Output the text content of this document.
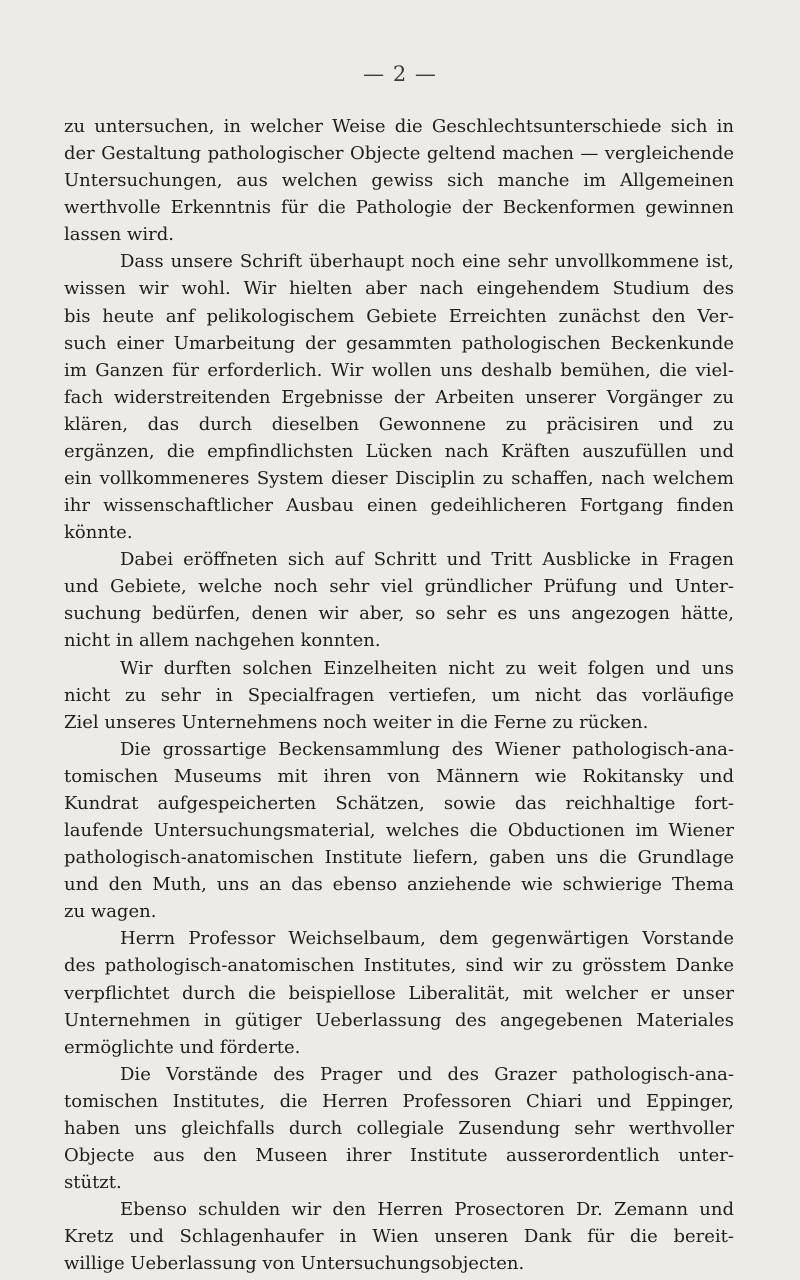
— 2 —
zu untersuchen, in welcher Weise die Geschlechtsunterschiede sich in
der Gestaltung pathologischer Objecte geltend machen — vergleichende
Untersuchungen, aus welchen gewiss sich manche im Allgemeinen
werthvolle Erkenntnis für die Pathologie der Beckenformen gewinnen
lassen wird.
Dass unsere Schrift überhaupt noch eine sehr unvollkommene ist,
wissen wir wohl. Wir hielten aber nach eingehendem Studium des
bis heute anf pelikologischem Gebiete Erreichten zunächst den Ver-
such einer Umarbeitung der gesammten pathologischen Beckenkunde
im Ganzen für erforderlich. Wir wollen uns deshalb bemühen, die viel-
fach widerstreitenden Ergebnisse der Arbeiten unserer Vorgänger zu
klären, das durch dieselben Gewonnene zu präcisiren und zu
ergänzen, die empfindlichsten Lücken nach Kräften auszufüllen und
ein vollkommeneres System dieser Disciplin zu schaffen, nach welchem
ihr wissenschaftlicher Ausbau einen gedeihlicheren Fortgang finden
könnte.
Dabei eröffneten sich auf Schritt und Tritt Ausblicke in Fragen
und Gebiete, welche noch sehr viel gründlicher Prüfung und Unter-
suchung bedürfen, denen wir aber, so sehr es uns angezogen hätte,
nicht in allem nachgehen konnten.
Wir durften solchen Einzelheiten nicht zu weit folgen und uns
nicht zu sehr in Specialfragen vertiefen, um nicht das vorläufige
Ziel unseres Unternehmens noch weiter in die Ferne zu rücken.
Die grossartige Beckensammlung des Wiener pathologisch-ana-
tomischen Museums mit ihren von Männern wie Rokitansky und
Kundrat aufgespeicherten Schätzen, sowie das reichhaltige fort-
laufende Untersuchungsmaterial, welches die Obductionen im Wiener
pathologisch-anatomischen Institute liefern, gaben uns die Grundlage
und den Muth, uns an das ebenso anziehende wie schwierige Thema
zu wagen.
Herrn Professor Weichselbaum, dem gegenwärtigen Vorstande
des pathologisch-anatomischen Institutes, sind wir zu grösstem Danke
verpflichtet durch die beispiellose Liberalität, mit welcher er unser
Unternehmen in gütiger Ueberlassung des angegebenen Materiales
ermöglichte und förderte.
Die Vorstände des Prager und des Grazer pathologisch-ana-
tomischen Institutes, die Herren Professoren Chiari und Eppinger,
haben uns gleichfalls durch collegiale Zusendung sehr werthvoller
Objecte aus den Museen ihrer Institute ausserordentlich unter-
stützt.
Ebenso schulden wir den Herren Prosectoren Dr. Zemann und
Kretz und Schlagenhaufer in Wien unseren Dank für die bereit-
willige Ueberlassung von Untersuchungsobjecten.
